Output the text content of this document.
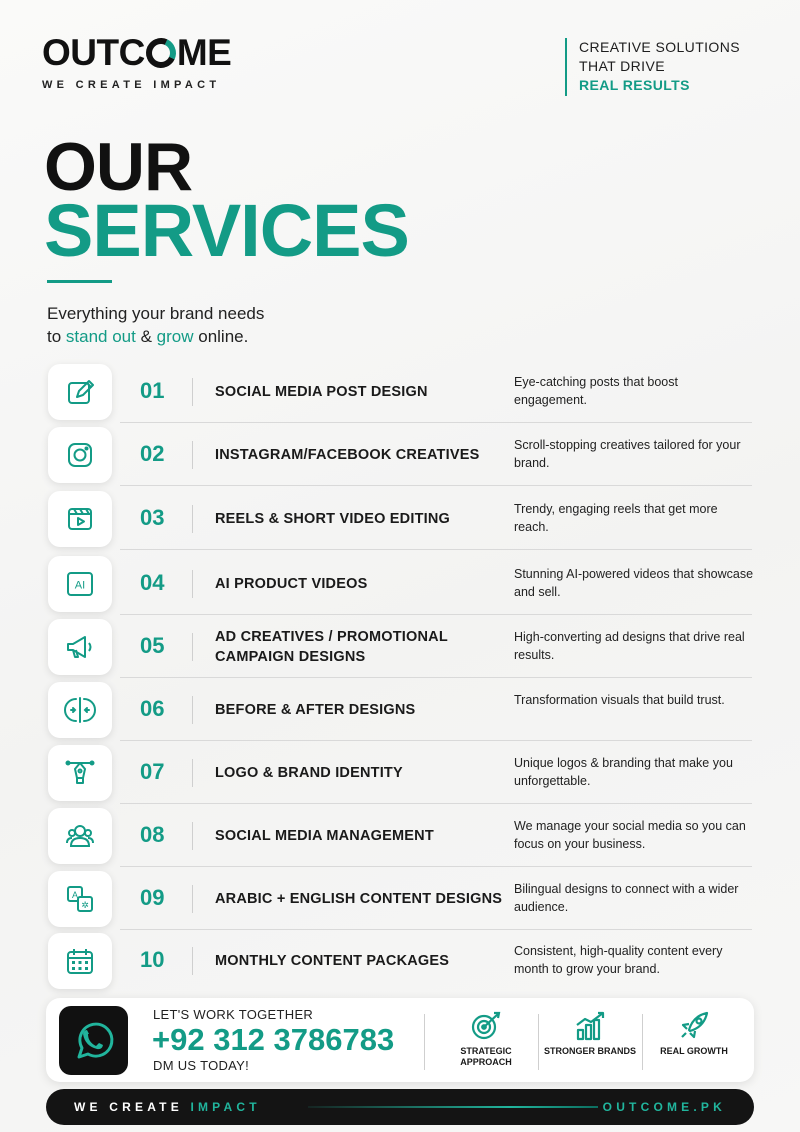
OUTC ME
WE CREATE IMPACT
CREATIVE SOLUTIONS
THAT DRIVE
REAL RESULTS
OUR
SERVICES
Everything your brand needs
to stand out & grow online.
01	SOCIAL MEDIA POST DESIGN
Eye-catching posts that boost engagement.
02	INSTAGRAM/FACEBOOK CREATIVES
Scroll-stopping creatives tailored for your brand.
03	REELS & SHORT VIDEO EDITING
Trendy, engaging reels that get more reach.
AI 04	AI PRODUCT VIDEOS
Stunning AI-powered videos that showcase and sell.
05	AD CREATIVES / PROMOTIONAL CAMPAIGN DESIGNS
High-converting ad designs that drive real results.
06	BEFORE & AFTER DESIGNS
Transformation visuals that build trust.
07	LOGO & BRAND IDENTITY
Unique logos & branding that make you unforgettable.
08	SOCIAL MEDIA MANAGEMENT
We manage your social media so you can focus on your business.
A
✲ 09	ARABIC + ENGLISH CONTENT DESIGNS
Bilingual designs to connect with a wider audience.
10	MONTHLY CONTENT PACKAGES
Consistent, high-quality content every month to grow your brand.
LET'S WORK TOGETHER
+92 312 3786783
DM US TODAY!
STRATEGIC APPROACH
STRONGER BRANDS	REAL GROWTH
WE CREATE IMPACT	OUTCOME.PK
